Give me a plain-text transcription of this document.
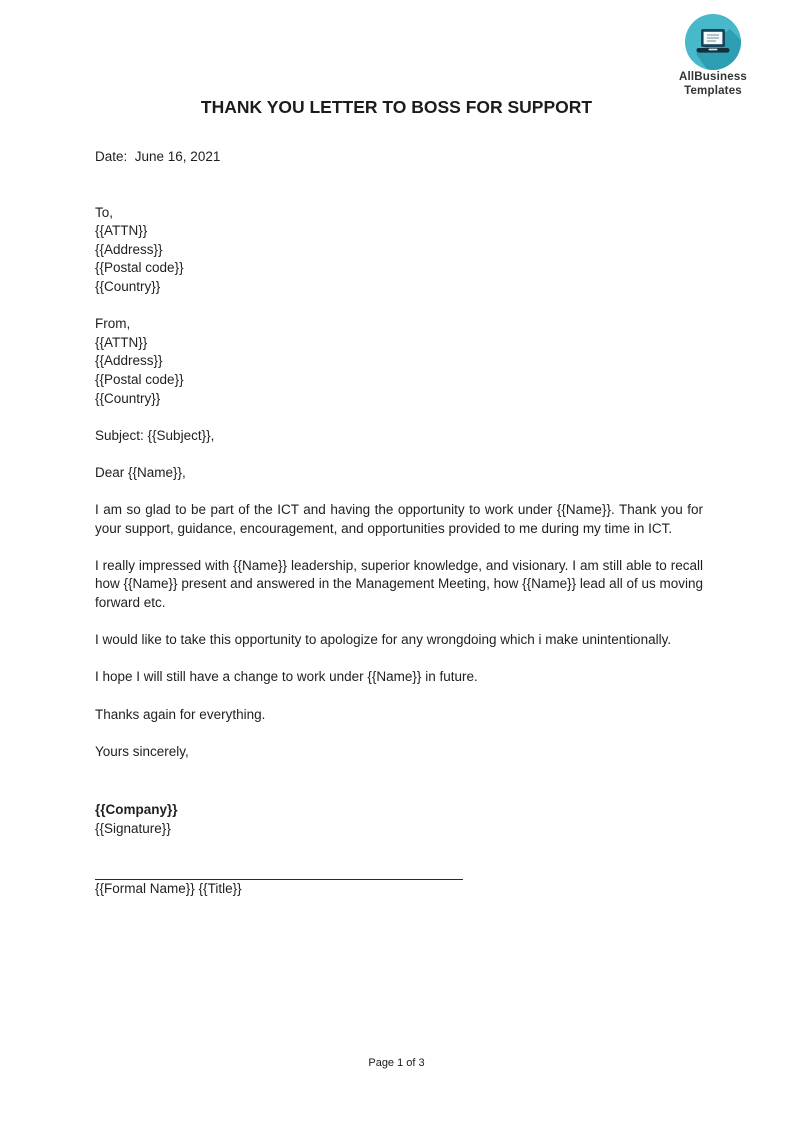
AllBusiness
Templates
THANK YOU LETTER TO BOSS FOR SUPPORT
Date:  June 16, 2021
To,
{{ATTN}}
{{Address}}
{{Postal code}}
{{Country}}
From,
{{ATTN}}
{{Address}}
{{Postal code}}
{{Country}}
Subject: {{Subject}},
Dear {{Name}},

I am so glad to be part of the ICT and having the opportunity to work under {{Name}}. Thank you for your support, guidance, encouragement, and opportunities provided to me during my time in ICT.

I really impressed with {{Name}} leadership, superior knowledge, and visionary. I am still able to recall how {{Name}} present and answered in the Management Meeting, how {{Name}} lead all of us moving forward etc.

I would like to take this opportunity to apologize for any wrongdoing which i make unintentionally.

I hope I will still have a change to work under {{Name}} in future.

Thanks again for everything.

Yours sincerely,

{{Company}}
{{Signature}}
{{Formal Name}} {{Title}}
Page 1 of 3
